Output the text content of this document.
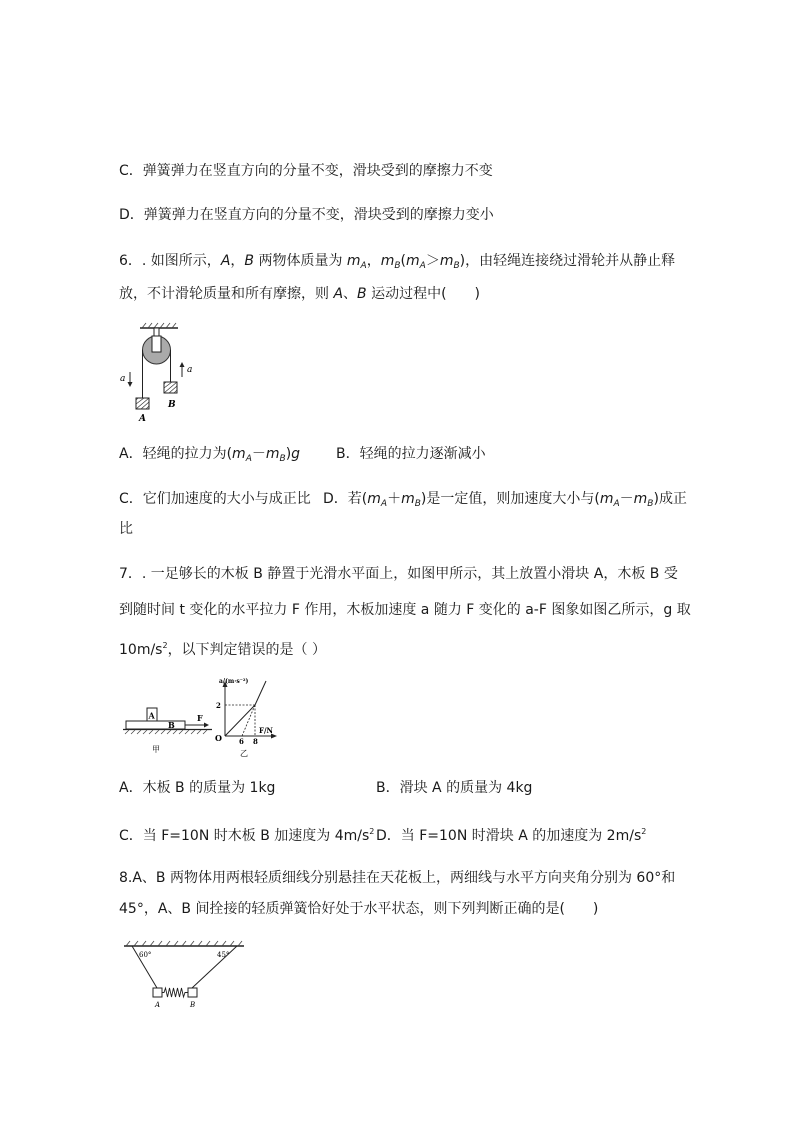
C．弹簧弹力在竖直方向的分量不变，滑块受到的摩擦力不变
D．弹簧弹力在竖直方向的分量不变，滑块受到的摩擦力变小
6．. 如图所示，A，B 两物体质量为 $m_A$，$m_B(m_A>m_B)$，由轻绳连接绕过滑轮并从静止释
放，不计滑轮质量和所有摩擦，则 A、B 运动过程中(　　)
a
a
A
B
A．轻绳的拉力为$(m_A-m_B)g$	B．轻绳的拉力逐渐减小
C．它们加速度的大小与成正比 D．若$(m_A+m_B)$是一定值，则加速度大小与$(m_A-m_B)$成正
比
7．. 一足够长的木板 B 静置于光滑水平面上，如图甲所示，其上放置小滑块 A，木板 B 受
到随时间 t 变化的水平拉力 F 作用，木板加速度 a 随力 F 变化的 a-F 图象如图乙所示，g 取
$10m/s^2$，以下判定错误的是（ ）
A
B
F
甲
a/(m·s⁻²)
2
O 6 8
F/N
乙
A．木板 B 的质量为 1kg	B．滑块 A 的质量为 4kg
C．当 F=10N 时木板 B 加速度为 $4m/s^2$ D．当 F=10N 时滑块 A 的加速度为 $2m/s^2$
8.A、B 两物体用两根轻质细线分别悬挂在天花板上，两细线与水平方向夹角分别为 60°和
45°，A、B 间拴接的轻质弹簧恰好处于水平状态，则下列判断正确的是(　　)
60°	45°
A	B
